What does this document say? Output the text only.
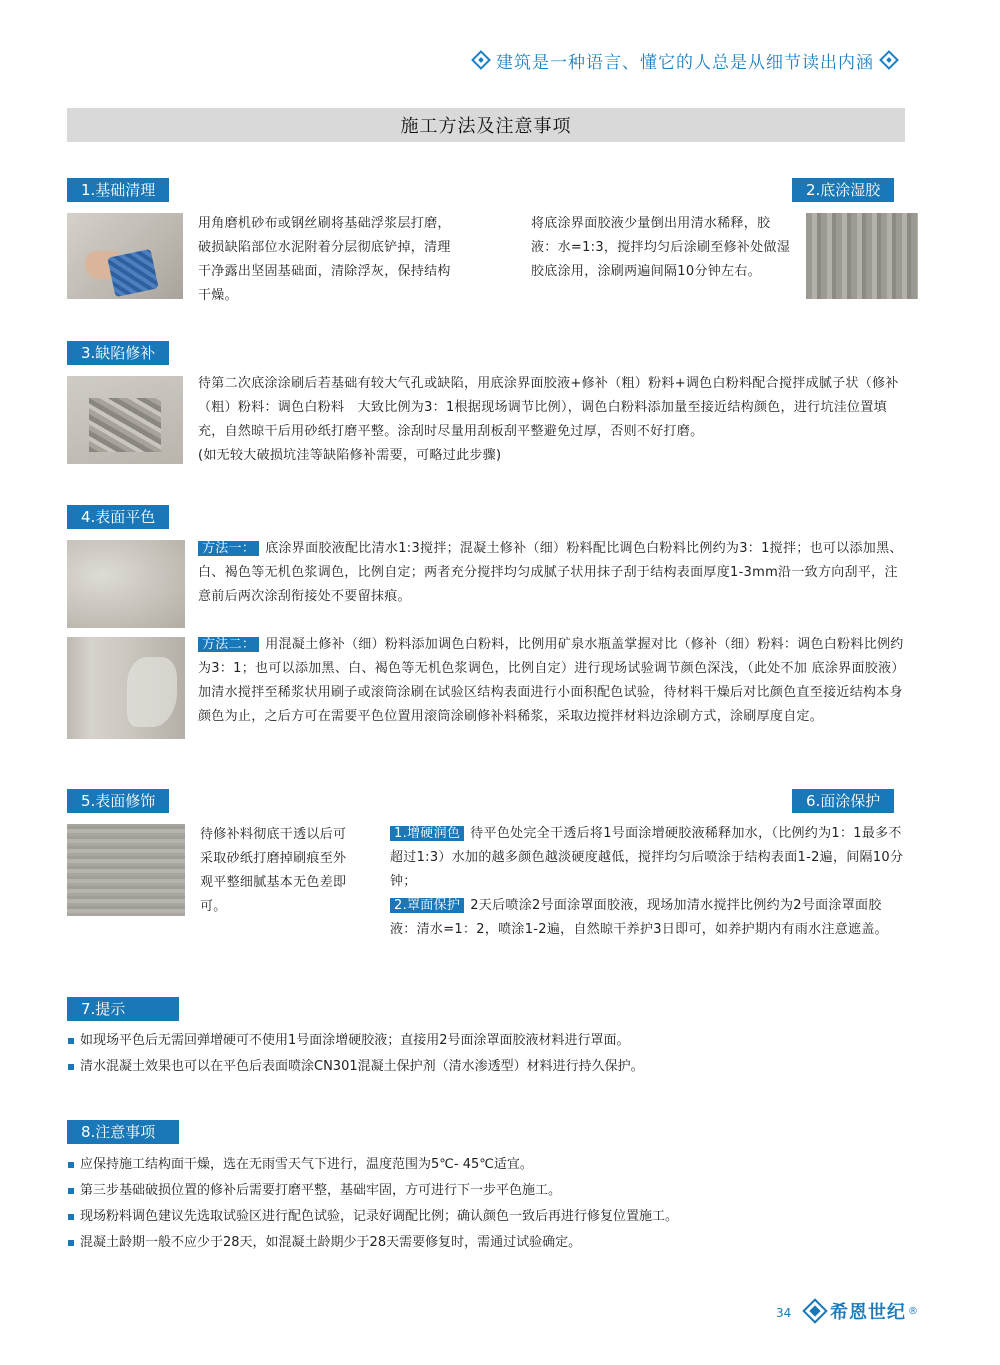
建筑是一种语言、懂它的人总是从细节读出内涵
施工方法及注意事项
1.基础清理
用角磨机砂布或钢丝刷将基础浮浆层打磨，破损缺陷部位水泥附着分层彻底铲掉，清理干净露出坚固基础面，清除浮灰，保持结构干燥。
2.底涂湿胶
将底涂界面胶液少量倒出用清水稀释，胶液：水=1:3，搅拌均匀后涂刷至修补处做湿胶底涂用，涂刷两遍间隔10分钟左右。
3.缺陷修补
待第二次底涂涂刷后若基础有较大气孔或缺陷，用底涂界面胶液+修补（粗）粉料+调色白粉料配合搅拌成腻子状（修补（粗）粉料：调色白粉料　大致比例为3：1根据现场调节比例），调色白粉料添加量至接近结构颜色，进行坑洼位置填充，自然晾干后用砂纸打磨平整。涂刮时尽量用刮板刮平整避免过厚，否则不好打磨。
(如无较大破损坑洼等缺陷修补需要，可略过此步骤)
4.表面平色
方法一： 底涂界面胶液配比清水1:3搅拌；混凝土修补（细）粉料配比调色白粉料比例约为3：1搅拌；也可以添加黑、白、褐色等无机色浆调色，比例自定；两者充分搅拌均匀成腻子状用抹子刮于结构表面厚度1-3mm沿一致方向刮平，注意前后两次涂刮衔接处不要留抹痕。
方法二： 用混凝土修补（细）粉料添加调色白粉料，比例用矿泉水瓶盖掌握对比（修补（细）粉料：调色白粉料比例约为3：1；也可以添加黑、白、褐色等无机色浆调色，比例自定）进行现场试验调节颜色深浅，（此处不加 底涂界面胶液）加清水搅拌至稀浆状用刷子或滚筒涂刷在试验区结构表面进行小面积配色试验，待材料干燥后对比颜色直至接近结构本身颜色为止，之后方可在需要平色位置用滚筒涂刷修补料稀浆，采取边搅拌材料边涂刷方式，涂刷厚度自定。
5.表面修饰
待修补料彻底干透以后可采取砂纸打磨掉刷痕至外观平整细腻基本无色差即可。
6.面涂保护
1.增硬润色 待平色处完全干透后将1号面涂增硬胶液稀释加水，（比例约为1：1最多不超过1:3）水加的越多颜色越淡硬度越低，搅拌均匀后喷涂于结构表面1-2遍，间隔10分钟；
2.罩面保护 2天后喷涂2号面涂罩面胶液，现场加清水搅拌比例约为2号面涂罩面胶液：清水=1：2，喷涂1-2遍，自然晾干养护3日即可，如养护期内有雨水注意遮盖。
7.提示
如现场平色后无需回弹增硬可不使用1号面涂增硬胶液；直接用2号面涂罩面胶液材料进行罩面。
清水混凝土效果也可以在平色后表面喷涂CN301混凝土保护剂（清水渗透型）材料进行持久保护。
8.注意事项
应保持施工结构面干燥，选在无雨雪天气下进行，温度范围为5℃- 45℃适宜。
第三步基础破损位置的修补后需要打磨平整，基础牢固，方可进行下一步平色施工。
现场粉料调色建议先选取试验区进行配色试验，记录好调配比例；确认颜色一致后再进行修复位置施工。
混凝土龄期一般不应少于28天，如混凝土龄期少于28天需要修复时，需通过试验确定。
34 希恩世纪 ®
